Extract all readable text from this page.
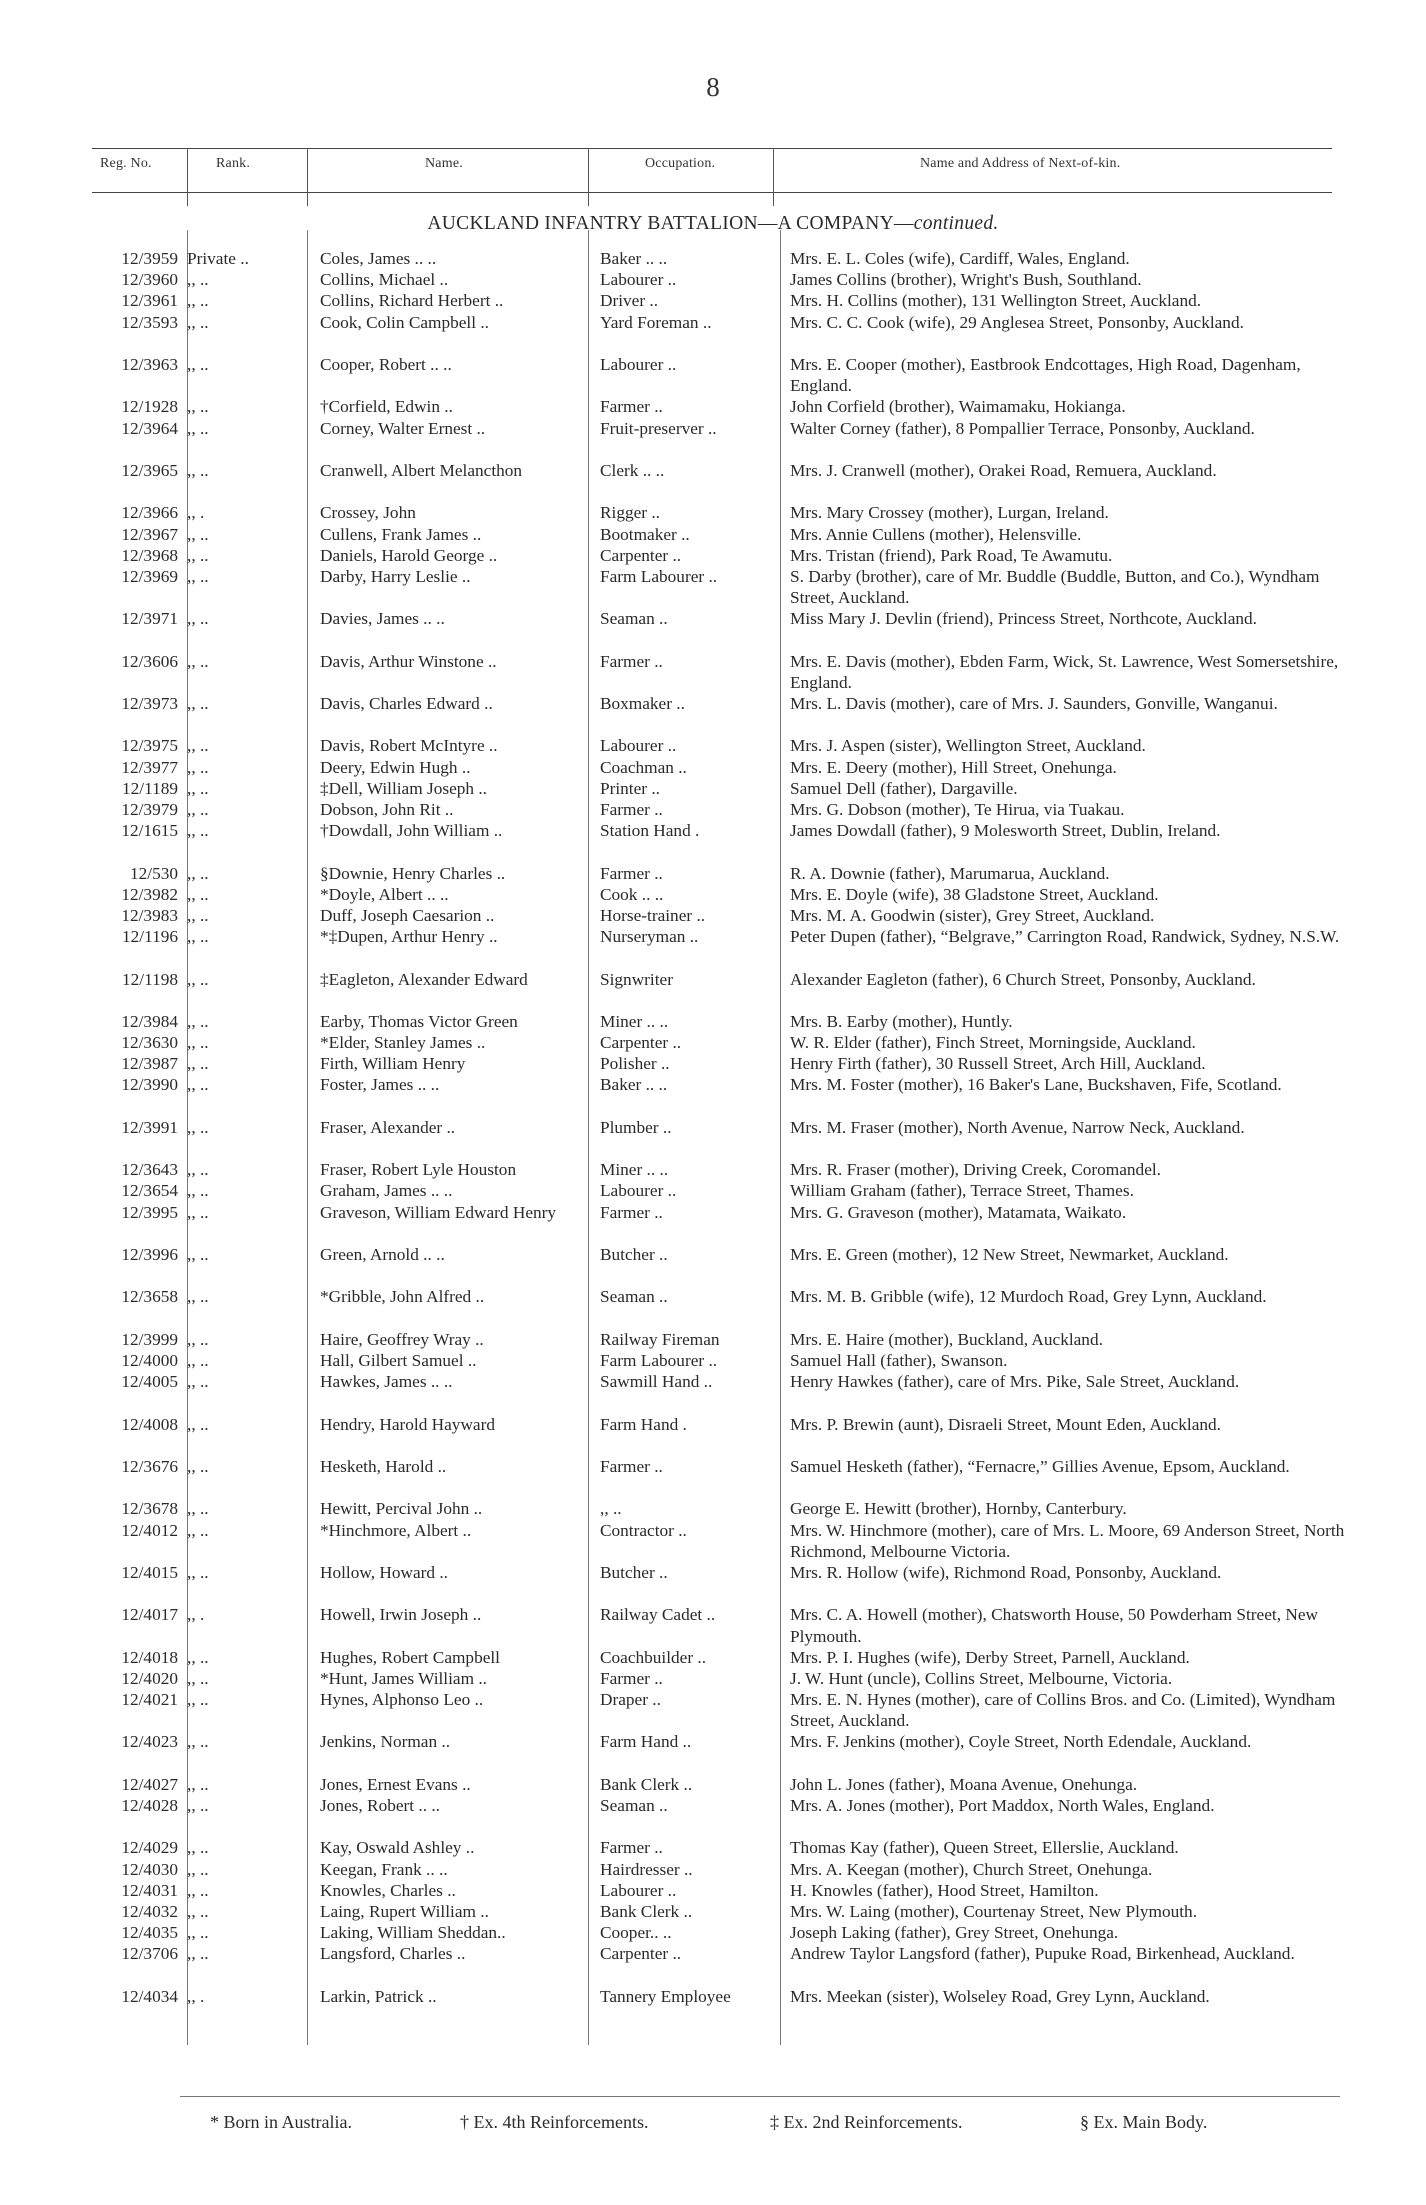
8
Reg. No.	Rank.	Name.	Occupation.	Name and Address of Next-of-kin.
AUCKLAND INFANTRY BATTALION—A COMPANY—continued.
12/3959 Private ..	Coles, James .. ..	Baker .. ..	Mrs. E. L. Coles (wife), Cardiff, Wales, England.
12/3960 ,, ..	Collins, Michael ..	Labourer ..	James Collins (brother), Wright's Bush, Southland.
12/3961 ,, ..	Collins, Richard Herbert ..	Driver ..	Mrs. H. Collins (mother), 131 Wellington Street, Auckland.
12/3593 ,, ..	Cook, Colin Campbell ..	Yard Foreman ..	Mrs. C. C. Cook (wife), 29 Anglesea Street, Ponsonby, Auckland.
12/3963 ,, ..	Cooper, Robert .. ..	Labourer ..	Mrs. E. Cooper (mother), Eastbrook Endcottages, High Road, Dagenham, England.
12/1928 ,, ..	†Corfield, Edwin ..	Farmer ..	John Corfield (brother), Waimamaku, Hokianga.
12/3964 ,, ..	Corney, Walter Ernest ..	Fruit-preserver ..	Walter Corney (father), 8 Pompallier Terrace, Ponsonby, Auckland.
12/3965 ,, ..	Cranwell, Albert Melancthon	Clerk .. ..	Mrs. J. Cranwell (mother), Orakei Road, Remuera, Auckland.
12/3966 ,, .	Crossey, John	Rigger ..	Mrs. Mary Crossey (mother), Lurgan, Ireland.
12/3967 ,, ..	Cullens, Frank James ..	Bootmaker ..	Mrs. Annie Cullens (mother), Helensville.
12/3968 ,, ..	Daniels, Harold George ..	Carpenter ..	Mrs. Tristan (friend), Park Road, Te Awamutu.
12/3969 ,, ..	Darby, Harry Leslie ..	Farm Labourer ..	S. Darby (brother), care of Mr. Buddle (Buddle, Button, and Co.), Wyndham Street, Auckland.
12/3971 ,, ..	Davies, James .. ..	Seaman ..	Miss Mary J. Devlin (friend), Princess Street, Northcote, Auckland.
12/3606 ,, ..	Davis, Arthur Winstone ..	Farmer ..	Mrs. E. Davis (mother), Ebden Farm, Wick, St. Lawrence, West Somersetshire, England.
12/3973 ,, ..	Davis, Charles Edward ..	Boxmaker ..	Mrs. L. Davis (mother), care of Mrs. J. Saunders, Gonville, Wanganui.
12/3975 ,, ..	Davis, Robert McIntyre ..	Labourer ..	Mrs. J. Aspen (sister), Wellington Street, Auckland.
12/3977 ,, ..	Deery, Edwin Hugh ..	Coachman ..	Mrs. E. Deery (mother), Hill Street, Onehunga.
12/1189 ,, ..	‡Dell, William Joseph ..	Printer ..	Samuel Dell (father), Dargaville.
12/3979 ,, ..	Dobson, John Rit ..	Farmer ..	Mrs. G. Dobson (mother), Te Hirua, via Tuakau.
12/1615 ,, ..	†Dowdall, John William ..	Station Hand .	James Dowdall (father), 9 Molesworth Street, Dublin, Ireland.
12/530 ,, ..	§Downie, Henry Charles ..	Farmer ..	R. A. Downie (father), Marumarua, Auckland.
12/3982 ,, ..	*Doyle, Albert .. ..	Cook .. ..	Mrs. E. Doyle (wife), 38 Gladstone Street, Auckland.
12/3983 ,, ..	Duff, Joseph Caesarion ..	Horse-trainer ..	Mrs. M. A. Goodwin (sister), Grey Street, Auckland.
12/1196 ,, ..	*‡Dupen, Arthur Henry ..	Nurseryman ..	Peter Dupen (father), “Belgrave,” Carrington Road, Randwick, Sydney, N.S.W.
12/1198 ,, ..	‡Eagleton, Alexander Edward	Signwriter	Alexander Eagleton (father), 6 Church Street, Ponsonby, Auckland.
12/3984 ,, ..	Earby, Thomas Victor Green	Miner .. ..	Mrs. B. Earby (mother), Huntly.
12/3630 ,, ..	*Elder, Stanley James ..	Carpenter ..	W. R. Elder (father), Finch Street, Morningside, Auckland.
12/3987 ,, ..	Firth, William Henry	Polisher ..	Henry Firth (father), 30 Russell Street, Arch Hill, Auckland.
12/3990 ,, ..	Foster, James .. ..	Baker .. ..	Mrs. M. Foster (mother), 16 Baker's Lane, Buckshaven, Fife, Scotland.
12/3991 ,, ..	Fraser, Alexander ..	Plumber ..	Mrs. M. Fraser (mother), North Avenue, Narrow Neck, Auckland.
12/3643 ,, ..	Fraser, Robert Lyle Houston	Miner .. ..	Mrs. R. Fraser (mother), Driving Creek, Coromandel.
12/3654 ,, ..	Graham, James .. ..	Labourer ..	William Graham (father), Terrace Street, Thames.
12/3995 ,, ..	Graveson, William Edward Henry	Farmer ..	Mrs. G. Graveson (mother), Matamata, Waikato.
12/3996 ,, ..	Green, Arnold .. ..	Butcher ..	Mrs. E. Green (mother), 12 New Street, Newmarket, Auckland.
12/3658 ,, ..	*Gribble, John Alfred ..	Seaman ..	Mrs. M. B. Gribble (wife), 12 Murdoch Road, Grey Lynn, Auckland.
12/3999 ,, ..	Haire, Geoffrey Wray ..	Railway Fireman	Mrs. E. Haire (mother), Buckland, Auckland.
12/4000 ,, ..	Hall, Gilbert Samuel ..	Farm Labourer ..	Samuel Hall (father), Swanson.
12/4005 ,, ..	Hawkes, James .. ..	Sawmill Hand ..	Henry Hawkes (father), care of Mrs. Pike, Sale Street, Auckland.
12/4008 ,, ..	Hendry, Harold Hayward	Farm Hand .	Mrs. P. Brewin (aunt), Disraeli Street, Mount Eden, Auckland.
12/3676 ,, ..	Hesketh, Harold ..	Farmer ..	Samuel Hesketh (father), “Fernacre,” Gillies Avenue, Epsom, Auckland.
12/3678 ,, ..	Hewitt, Percival John ..	,, ..	George E. Hewitt (brother), Hornby, Canterbury.
12/4012 ,, ..	*Hinchmore, Albert ..	Contractor ..	Mrs. W. Hinchmore (mother), care of Mrs. L. Moore, 69 Anderson Street, North Richmond, Melbourne Victoria.
12/4015 ,, ..	Hollow, Howard ..	Butcher ..	Mrs. R. Hollow (wife), Richmond Road, Ponsonby, Auckland.
12/4017 ,, .	Howell, Irwin Joseph ..	Railway Cadet ..	Mrs. C. A. Howell (mother), Chatsworth House, 50 Powderham Street, New Plymouth.
12/4018 ,, ..	Hughes, Robert Campbell	Coachbuilder ..	Mrs. P. I. Hughes (wife), Derby Street, Parnell, Auckland.
12/4020 ,, ..	*Hunt, James William ..	Farmer ..	J. W. Hunt (uncle), Collins Street, Melbourne, Victoria.
12/4021 ,, ..	Hynes, Alphonso Leo ..	Draper ..	Mrs. E. N. Hynes (mother), care of Collins Bros. and Co. (Limited), Wyndham Street, Auckland.
12/4023 ,, ..	Jenkins, Norman ..	Farm Hand ..	Mrs. F. Jenkins (mother), Coyle Street, North Edendale, Auckland.
12/4027 ,, ..	Jones, Ernest Evans ..	Bank Clerk ..	John L. Jones (father), Moana Avenue, Onehunga.
12/4028 ,, ..	Jones, Robert .. ..	Seaman ..	Mrs. A. Jones (mother), Port Maddox, North Wales, England.
12/4029 ,, ..	Kay, Oswald Ashley ..	Farmer ..	Thomas Kay (father), Queen Street, Ellerslie, Auckland.
12/4030 ,, ..	Keegan, Frank .. ..	Hairdresser ..	Mrs. A. Keegan (mother), Church Street, Onehunga.
12/4031 ,, ..	Knowles, Charles ..	Labourer ..	H. Knowles (father), Hood Street, Hamilton.
12/4032 ,, ..	Laing, Rupert William ..	Bank Clerk ..	Mrs. W. Laing (mother), Courtenay Street, New Plymouth.
12/4035 ,, ..	Laking, William Sheddan..	Cooper.. ..	Joseph Laking (father), Grey Street, Onehunga.
12/3706 ,, ..	Langsford, Charles ..	Carpenter ..	Andrew Taylor Langsford (father), Pupuke Road, Birkenhead, Auckland.
12/4034 ,, .	Larkin, Patrick ..	Tannery Employee	Mrs. Meekan (sister), Wolseley Road, Grey Lynn, Auckland.
* Born in Australia.	† Ex. 4th Reinforcements.	‡ Ex. 2nd Reinforcements.	§ Ex. Main Body.
